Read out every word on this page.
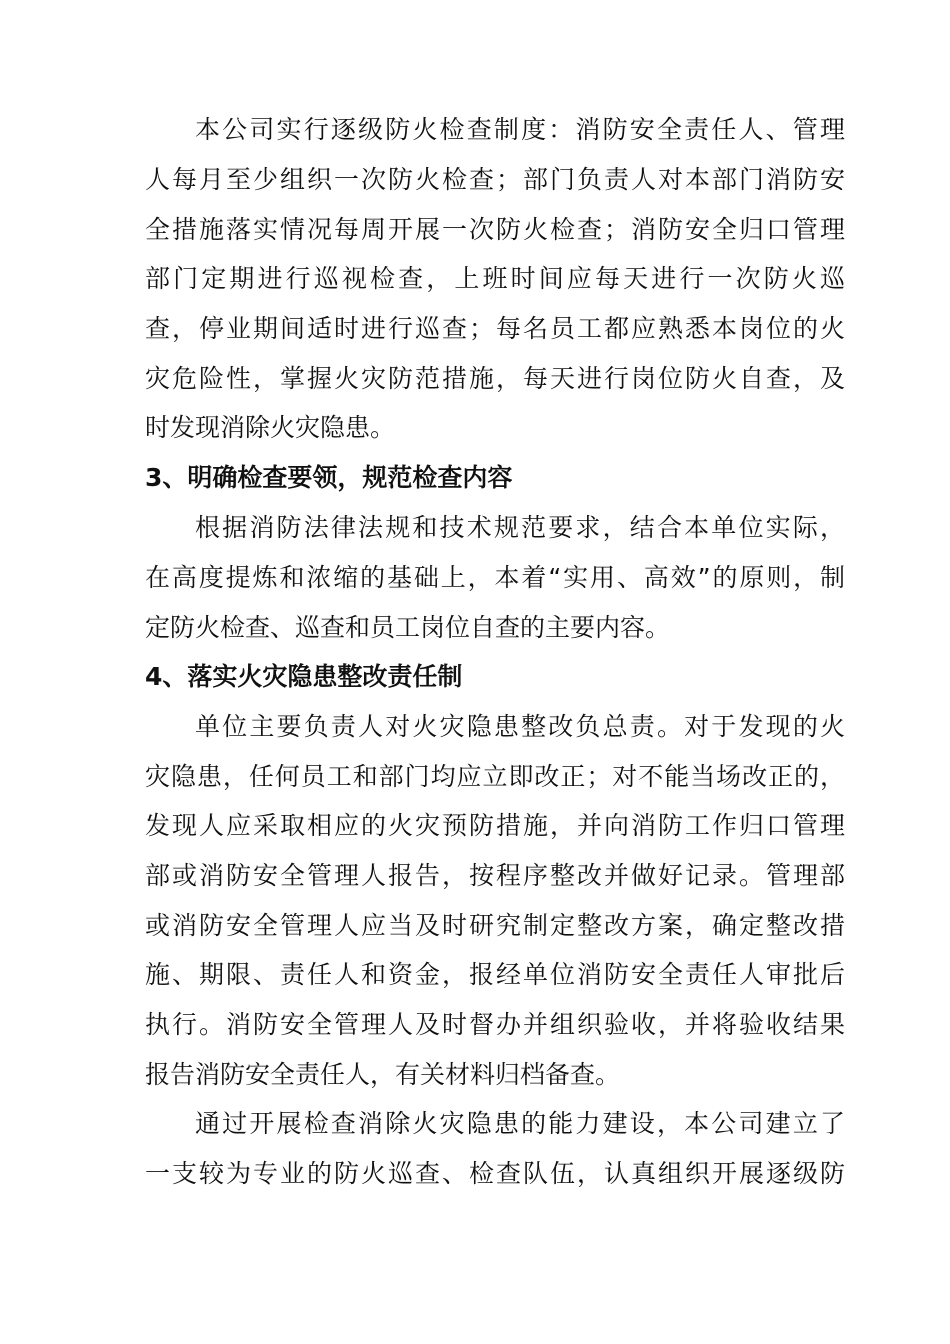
本公司实行逐级防火检查制度：消防安全责任人、管理
人每月至少组织一次防火检查；部门负责人对本部门消防安
全措施落实情况每周开展一次防火检查；消防安全归口管理
部门定期进行巡视检查，上班时间应每天进行一次防火巡
查，停业期间适时进行巡查；每名员工都应熟悉本岗位的火
灾危险性，掌握火灾防范措施，每天进行岗位防火自查，及
时发现消除火灾隐患。
3、明确检查要领，规范检查内容
根据消防法律法规和技术规范要求，结合本单位实际，
在高度提炼和浓缩的基础上，本着“实用、高效”的原则，制
定防火检查、巡查和员工岗位自查的主要内容。
4、落实火灾隐患整改责任制
单位主要负责人对火灾隐患整改负总责。对于发现的火
灾隐患，任何员工和部门均应立即改正；对不能当场改正的，
发现人应采取相应的火灾预防措施，并向消防工作归口管理
部或消防安全管理人报告，按程序整改并做好记录。管理部
或消防安全管理人应当及时研究制定整改方案，确定整改措
施、期限、责任人和资金，报经单位消防安全责任人审批后
执行。消防安全管理人及时督办并组织验收，并将验收结果
报告消防安全责任人，有关材料归档备查。
通过开展检查消除火灾隐患的能力建设，本公司建立了
一支较为专业的防火巡查、检查队伍，认真组织开展逐级防
